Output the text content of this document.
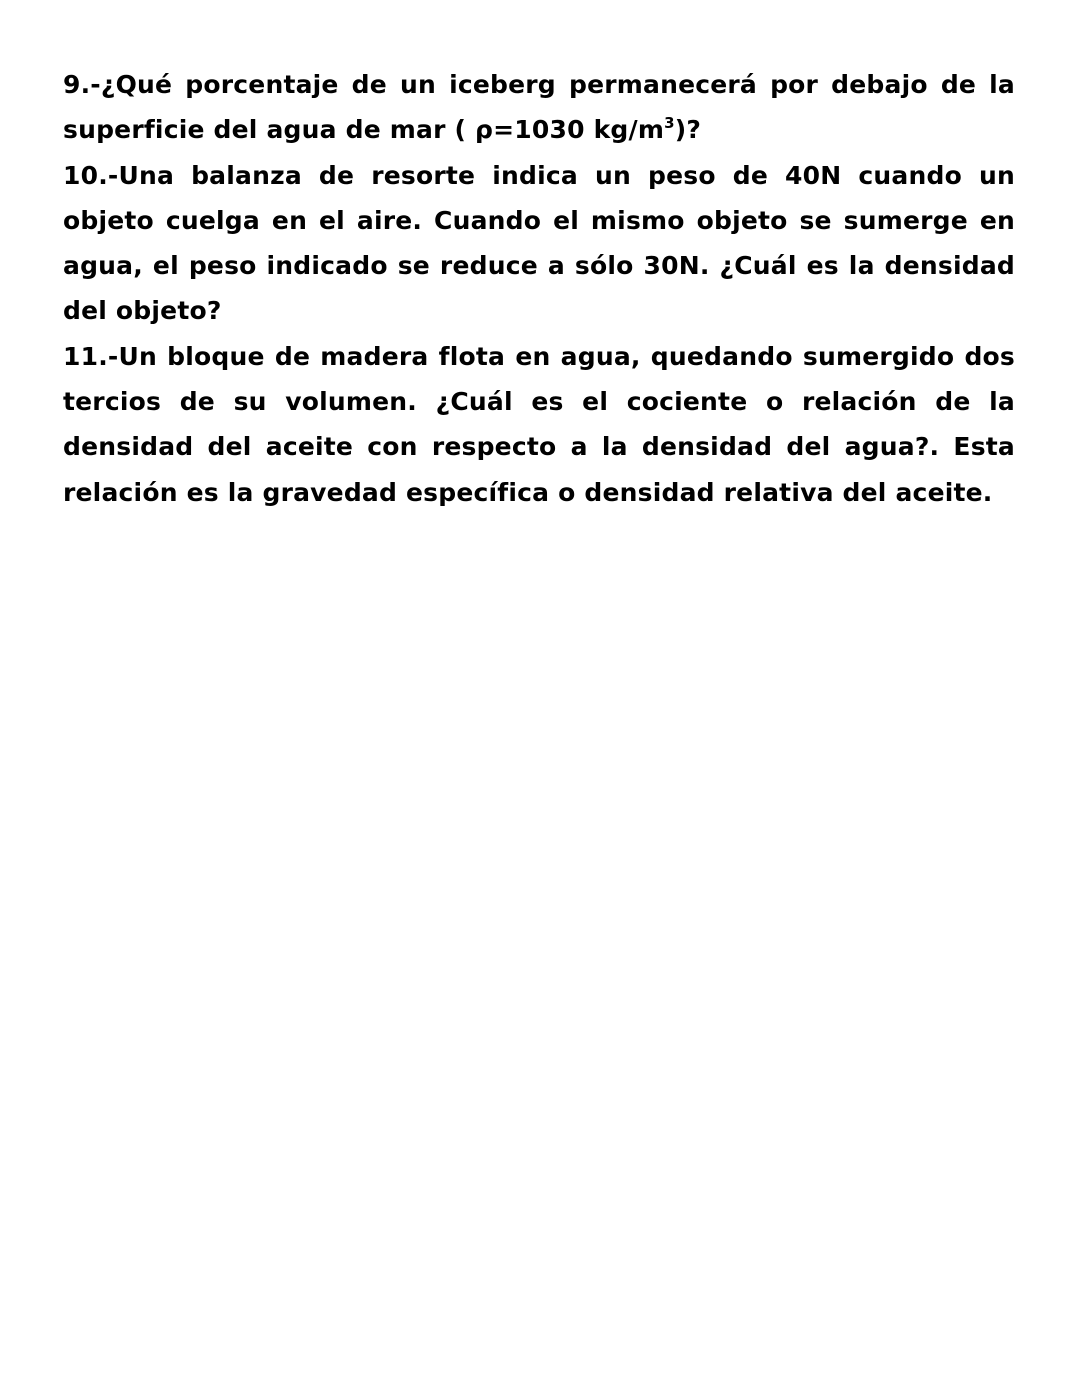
9.-¿Qué porcentaje de un iceberg permanecerá por debajo de la superficie del agua de mar ( ρ=1030 $kg/m^3$)?

10.-Una balanza de resorte indica un peso de 40N cuando un objeto cuelga en el aire. Cuando el mismo objeto se sumerge en agua, el peso indicado se reduce a sólo 30N. ¿Cuál es la densidad del objeto?

11.-Un bloque de madera flota en agua, quedando sumergido dos tercios de su volumen. ¿Cuál es el cociente o relación de la densidad del aceite con respecto a la densidad del agua?. Esta relación es la gravedad específica o densidad relativa del aceite.
